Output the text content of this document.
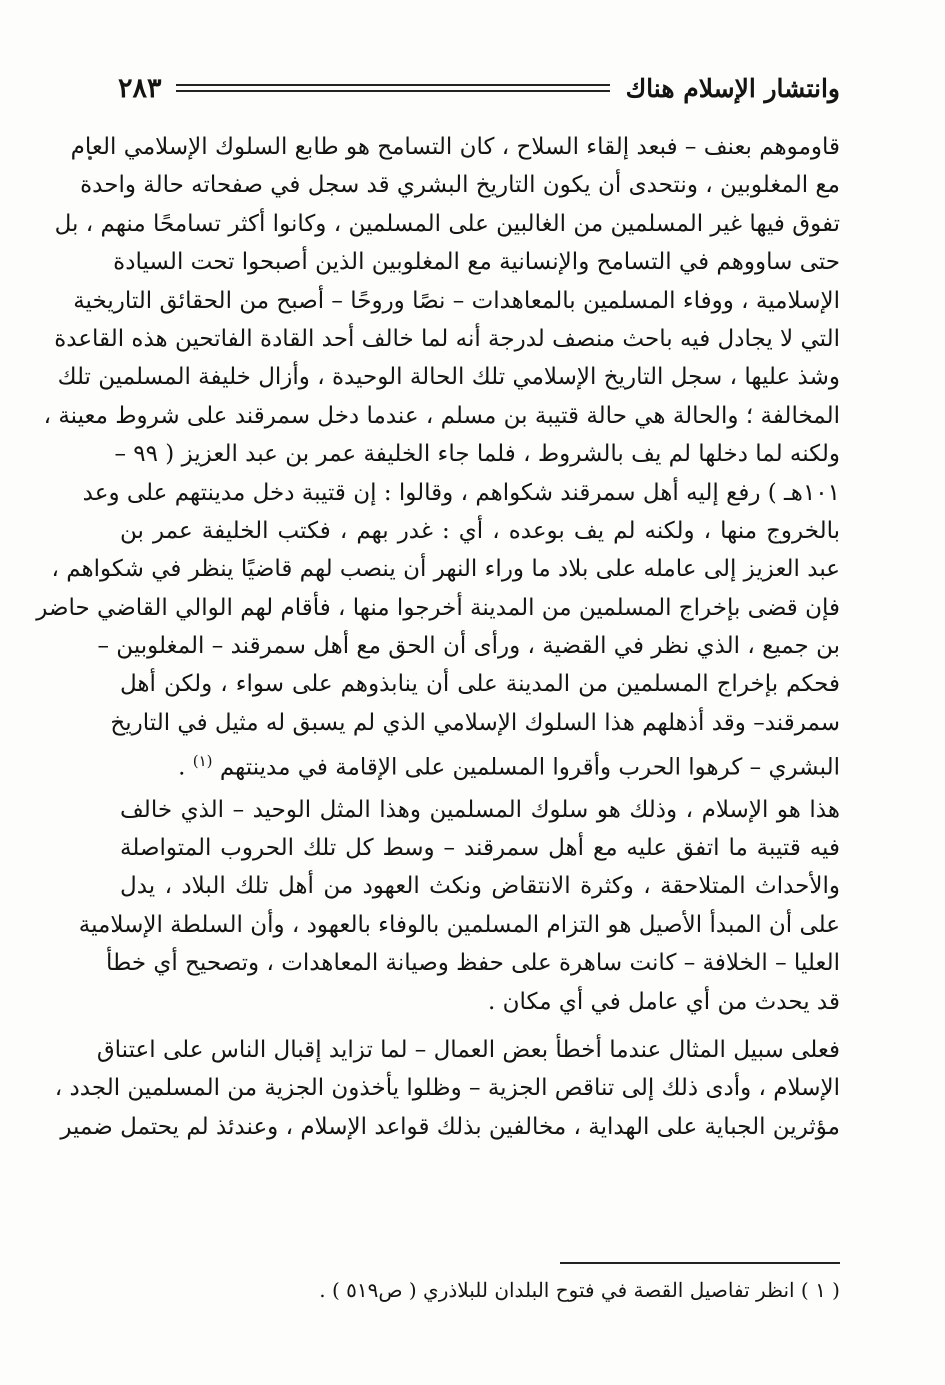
وانتشار الإسلام هناك
٢٨٣
قاوموهم بعنف – فبعد إلقاء السلاح ، كان التسامح هو طابع السلوك الإسلامي العام
مع المغلوبين ، ونتحدى أن يكون التاريخ البشري قد سجل في صفحاته حالة واحدة
تفوق فيها غير المسلمين من الغالبين على المسلمين ، وكانوا أكثر تسامحًا منهم ، بل
حتى ساووهم في التسامح والإنسانية مع المغلوبين الذين أصبحوا تحت السيادة
الإسلامية ، ووفاء المسلمين بالمعاهدات – نصًا وروحًا – أصبح من الحقائق التاريخية
التي لا يجادل فيه باحث منصف لدرجة أنه لما خالف أحد القادة الفاتحين هذه القاعدة
وشذ عليها ، سجل التاريخ الإسلامي تلك الحالة الوحيدة ، وأزال خليفة المسلمين تلك
المخالفة ؛ والحالة هي حالة قتيبة بن مسلم ، عندما دخل سمرقند على شروط معينة ،
ولكنه لما دخلها لم يف بالشروط ، فلما جاء الخليفة عمر بن عبد العزيز ( ٩٩ –
١٠١هـ ) رفع إليه أهل سمرقند شكواهم ، وقالوا : إن قتيبة دخل مدينتهم على وعد
بالخروج منها ، ولكنه لم يف بوعده ، أي : غدر بهم ، فكتب الخليفة عمر بن
عبد العزيز إلى عامله على بلاد ما وراء النهر أن ينصب لهم قاضيًا ينظر في شكواهم ،
فإن قضى بإخراج المسلمين من المدينة أخرجوا منها ، فأقام لهم الوالي القاضي حاضر
بن جميع ، الذي نظر في القضية ، ورأى أن الحق مع أهل سمرقند – المغلوبين –
فحكم بإخراج المسلمين من المدينة على أن ينابذوهم على سواء ، ولكن أهل
سمرقند– وقد أذهلهم هذا السلوك الإسلامي الذي لم يسبق له مثيل في التاريخ
البشري – كرهوا الحرب وأقروا المسلمين على الإقامة في مدينتهم $^{(١)}$ .
هذا هو الإسلام ، وذلك هو سلوك المسلمين وهذا المثل الوحيد – الذي خالف
فيه قتيبة ما اتفق عليه مع أهل سمرقند – وسط كل تلك الحروب المتواصلة
والأحداث المتلاحقة ، وكثرة الانتقاض ونكث العهود من أهل تلك البلاد ، يدل
على أن المبدأ الأصيل هو التزام المسلمين بالوفاء بالعهود ، وأن السلطة الإسلامية
العليا – الخلافة – كانت ساهرة على حفظ وصيانة المعاهدات ، وتصحيح أي خطأ
قد يحدث من أي عامل في أي مكان .
فعلى سبيل المثال عندما أخطأ بعض العمال – لما تزايد إقبال الناس على اعتناق
الإسلام ، وأدى ذلك إلى تناقص الجزية – وظلوا يأخذون الجزية من المسلمين الجدد ،
مؤثرين الجباية على الهداية ، مخالفين بذلك قواعد الإسلام ، وعندئذ لم يحتمل ضمير
( ١ ) انظر تفاصيل القصة في فتوح البلدان للبلاذري ( ص٥١٩ ) .
